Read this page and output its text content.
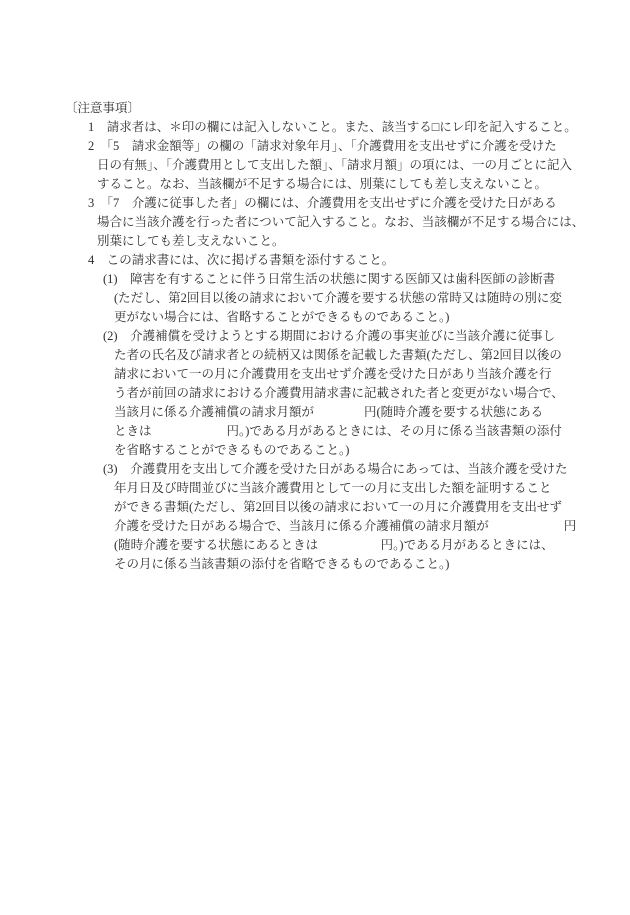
〔注意事項〕
1　請求者は、＊印の欄には記入しないこと。また、該当する□にレ印を記入すること。
2　「5　請求金額等」の欄の「請求対象年月」、「介護費用を支出せずに介護を受けた
日の有無」、「介護費用として支出した額」、「請求月額」の項には、一の月ごとに記入
すること。なお、当該欄が不足する場合には、別葉にしても差し支えないこと。
3　「7　介護に従事した者」の欄には、介護費用を支出せずに介護を受けた日がある
場合に当該介護を行った者について記入すること。なお、当該欄が不足する場合には、
別葉にしても差し支えないこと。
4　この請求書には、次に掲げる書類を添付すること。
(1)　障害を有することに伴う日常生活の状態に関する医師又は歯科医師の診断書
(ただし、第2回目以後の請求において介護を要する状態の常時又は随時の別に変
更がない場合には、省略することができるものであること。)
(2)　介護補償を受けようとする期間における介護の事実並びに当該介護に従事し
た者の氏名及び請求者との続柄又は関係を記載した書類(ただし、第2回目以後の
請求において一の月に介護費用を支出せず介護を受けた日があり当該介護を行
う者が前回の請求における介護費用請求書に記載された者と変更がない場合で、
当該月に係る介護補償の請求月額が　　　　円(随時介護を要する状態にある
ときは　　　　　　円。)である月があるときには、その月に係る当該書類の添付
を省略することができるものであること。)
(3)　介護費用を支出して介護を受けた日がある場合にあっては、当該介護を受けた
年月日及び時間並びに当該介護費用として一の月に支出した額を証明すること
ができる書類(ただし、第2回目以後の請求において一の月に介護費用を支出せず
介護を受けた日がある場合で、当該月に係る介護補償の請求月額が　　　　　　円
(随時介護を要する状態にあるときは　　　　　円。)である月があるときには、
その月に係る当該書類の添付を省略できるものであること。)
